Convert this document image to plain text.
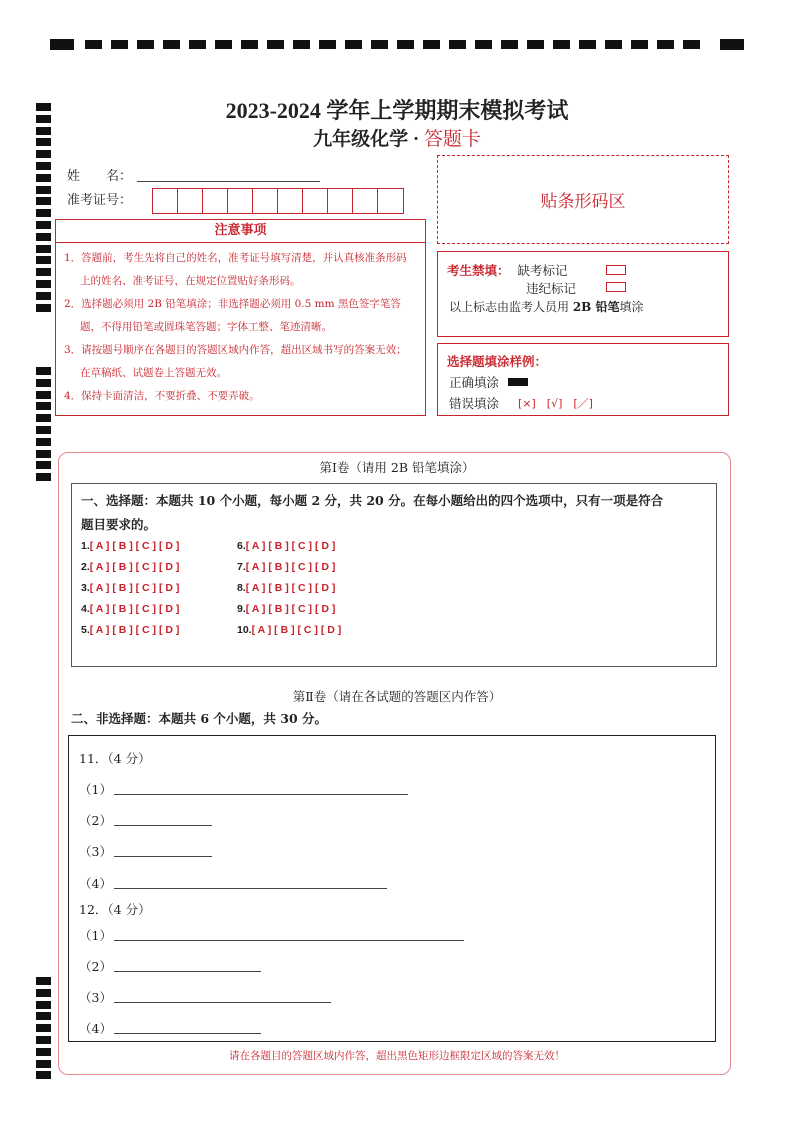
2023-2024 学年上学期期末模拟考试
九年级化学 · 答题卡
姓　　名：
准考证号：
注意事项
1．答题前，考生先将自己的姓名，准考证号填写清楚，并认真核准条形码上的姓名、准考证号，在规定位置贴好条形码。
2．选择题必须用 2B 铅笔填涂；非选择题必须用 0.5 mm 黑色签字笔答题，不得用铅笔或圆珠笔答题；字体工整、笔迹清晰。
3．请按题号顺序在各题目的答题区域内作答，超出区域书写的答案无效；在草稿纸、试题卷上答题无效。
4．保持卡面清洁，不要折叠、不要弄破。
贴条形码区
考生禁填： 缺考标记
违纪标记
以上标志由监考人员用 2B 铅笔填涂
选择题填涂样例：
正确填涂
错误填涂 [×]　[√]　[／]
第Ⅰ卷（请用 2B 铅笔填涂）
一、选择题：本题共 10 个小题，每小题 2 分，共 20 分。在每小题给出的四个选项中，只有一项是符合
题目要求的。
1.[ A ] [ B ] [ C ] [ D ]
2.[ A ] [ B ] [ C ] [ D ]
3.[ A ] [ B ] [ C ] [ D ]
4.[ A ] [ B ] [ C ] [ D ]
5.[ A ] [ B ] [ C ] [ D ]
6.[ A ] [ B ] [ C ] [ D ]
7.[ A ] [ B ] [ C ] [ D ]
8.[ A ] [ B ] [ C ] [ D ]
9.[ A ] [ B ] [ C ] [ D ]
10.[ A ] [ B ] [ C ] [ D ]
第Ⅱ卷（请在各试题的答题区内作答）
二、非选择题：本题共 6 个小题，共 30 分。
11．（4 分）
（1）
（2）
（3）
（4）
12．（4 分）
（1）
（2）
（3）
（4）
请在各题目的答题区域内作答，超出黑色矩形边框限定区域的答案无效！
